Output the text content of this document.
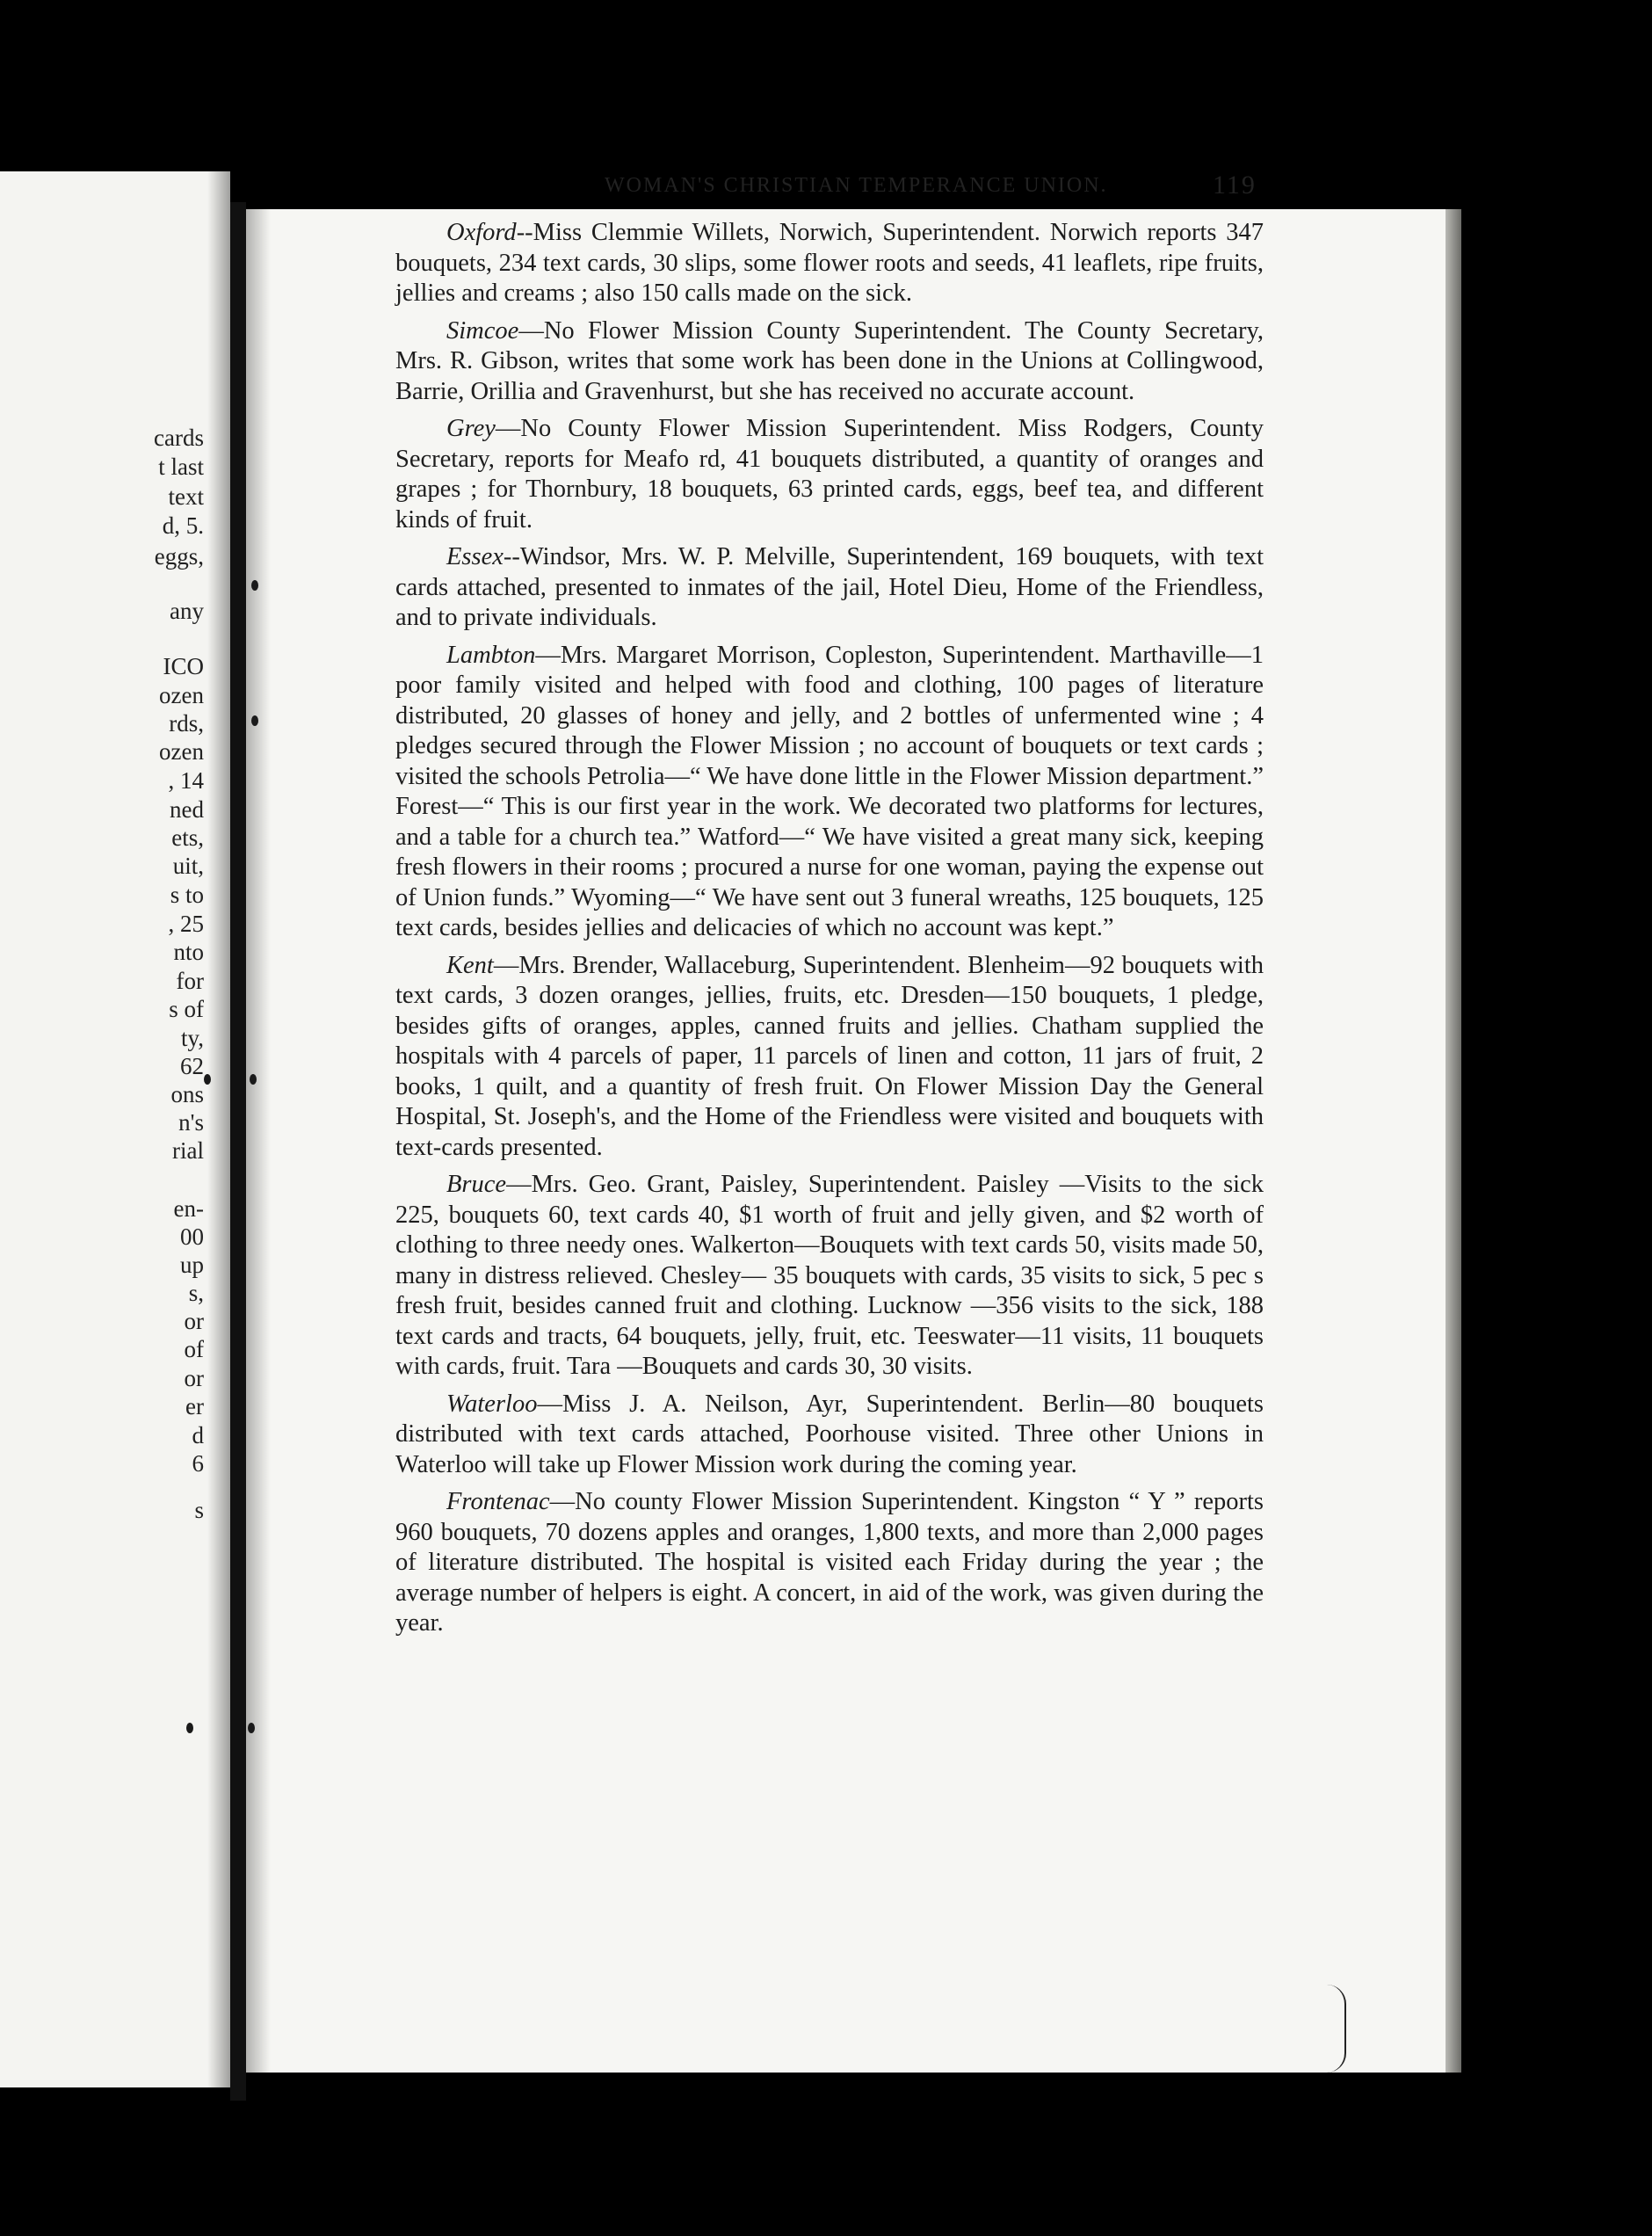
cards
t last
text
d, 5.
eggs,
any
ICO
ozen
rds,
ozen
, 14
ned
ets,
uit,
s to
, 25
nto
for
s of
ty,
62
ons
n's
rial
en-
00
up
s,
or
of
or
er
d
6
s
WOMAN'S CHRISTIAN TEMPERANCE UNION.	119

Oxford--Miss Clemmie Willets, Norwich, Superintendent. Norwich reports 347 bouquets, 234 text cards, 30 slips, some flower roots and seeds, 41 leaflets, ripe fruits, jellies and creams ; also 150 calls made on the sick.

Simcoe—No Flower Mission County Superintendent. The County Secretary, Mrs. R. Gibson, writes that some work has been done in the Unions at Collingwood, Barrie, Orillia and Gravenhurst, but she has received no accurate account.

Grey—No County Flower Mission Superintendent. Miss Rodgers, County Secretary, reports for Meafo rd, 41 bouquets distributed, a quantity of oranges and grapes ; for Thornbury, 18 bouquets, 63 printed cards, eggs, beef tea, and different kinds of fruit.

Essex--Windsor, Mrs. W. P. Melville, Superintendent, 169 bouquets, with text cards attached, presented to inmates of the jail, Hotel Dieu, Home of the Friendless, and to private individuals.

Lambton—Mrs. Margaret Morrison, Copleston, Superintendent. Marthaville—1 poor family visited and helped with food and clothing, 100 pages of literature distributed, 20 glasses of honey and jelly, and 2 bottles of unfermented wine ; 4 pledges secured through the Flower Mission ; no account of bouquets or text cards ; visited the schools Petrolia—“ We have done little in the Flower Mission department.” Forest—“ This is our first year in the work. We decorated two platforms for lectures, and a table for a church tea.” Watford—“ We have visited a great many sick, keeping fresh flowers in their rooms ; procured a nurse for one woman, paying the expense out of Union funds.” Wyoming—“ We have sent out 3 funeral wreaths, 125 bouquets, 125 text cards, besides jellies and delicacies of which no account was kept.”

Kent—Mrs. Brender, Wallaceburg, Superintendent. Blenheim—92 bouquets with text cards, 3 dozen oranges, jellies, fruits, etc. Dresden—150 bouquets, 1 pledge, besides gifts of oranges, apples, canned fruits and jellies. Chatham supplied the hospitals with 4 parcels of paper, 11 parcels of linen and cotton, 11 jars of fruit, 2 books, 1 quilt, and a quantity of fresh fruit. On Flower Mission Day the General Hospital, St. Joseph's, and the Home of the Friendless were visited and bouquets with text-cards presented.

Bruce—Mrs. Geo. Grant, Paisley, Superintendent. Paisley —Visits to the sick 225, bouquets 60, text cards 40, $1 worth of fruit and jelly given, and $2 worth of clothing to three needy ones. Walkerton—Bouquets with text cards 50, visits made 50, many in distress relieved. Chesley— 35 bouquets with cards, 35 visits to sick, 5 pec s fresh fruit, besides canned fruit and clothing. Lucknow —356 visits to the sick, 188 text cards and tracts, 64 bouquets, jelly, fruit, etc. Teeswater—11 visits, 11 bouquets with cards, fruit. Tara —Bouquets and cards 30, 30 visits.

Waterloo—Miss J. A. Neilson, Ayr, Superintendent. Berlin—80 bouquets distributed with text cards attached, Poorhouse visited. Three other Unions in Waterloo will take up Flower Mission work during the coming year.

Frontenac—No county Flower Mission Superintendent. Kingston “ Y ” reports 960 bouquets, 70 dozens apples and oranges, 1,800 texts, and more than 2,000 pages of literature distributed. The hospital is visited each Friday during the year ; the average number of helpers is eight. A concert, in aid of the work, was given during the year.
